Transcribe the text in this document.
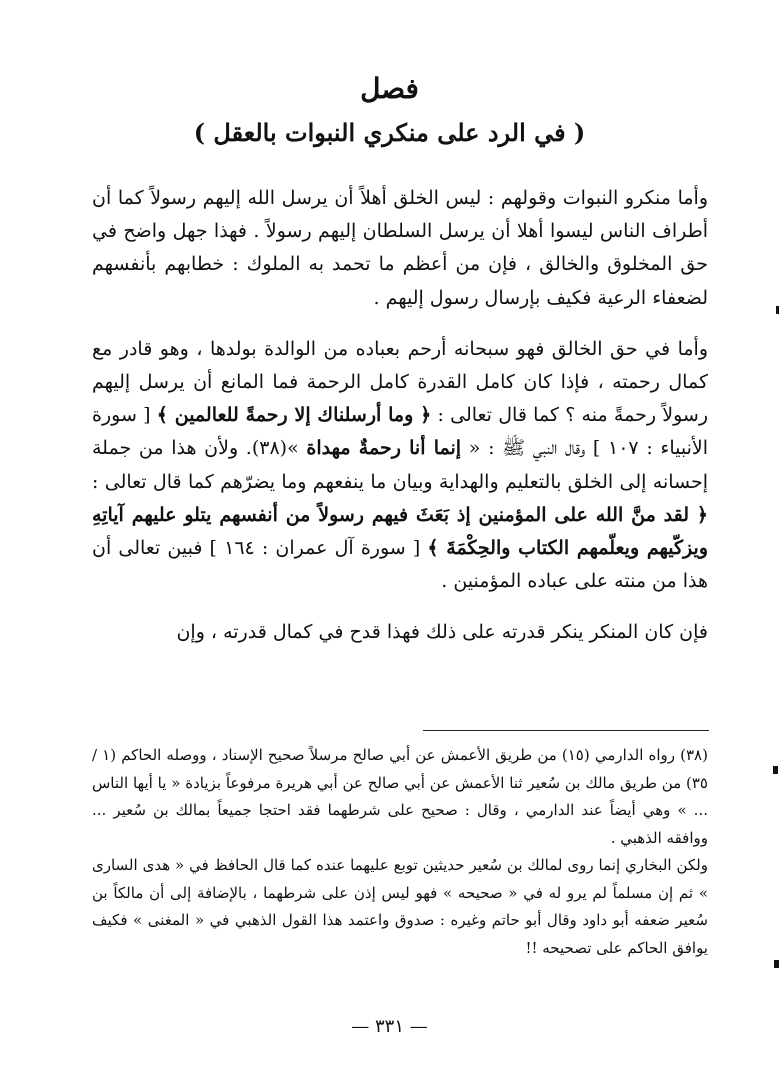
فصل
( في الرد على منكري النبوات بالعقل )

وأما منكرو النبوات وقولهم : ليس الخلق أهلاً أن يرسل الله إليهم رسولاً كما أن أطراف الناس ليسوا أهلا أن يرسل السلطان إليهم رسولاً . فهذا جهل واضح في حق المخلوق والخالق ، فإن من أعظم ما تحمد به الملوك : خطابهم بأنفسهم لضعفاء الرعية فكيف بإرسال رسول إليهم .

وأما في حق الخالق فهو سبحانه أرحم بعباده من الوالدة بولدها ، وهو قادر مع كمال رحمته ، فإذا كان كامل القدرة كامل الرحمة فما المانع أن يرسل إليهم رسولاً رحمةً منه ؟ كما قال تعالى : ﴿ وما أرسلناك إلا رحمةً للعالمين ﴾ [ سورة الأنبياء : ١٠٧ ] وقال النبي ﷺ : « إنما أنا رحمةٌ مهداة »(٣٨). ولأن هذا من جملة إحسانه إلى الخلق بالتعليم والهداية وبيان ما ينفعهم وما يضرّهم كما قال تعالى : ﴿ لقد منَّ الله على المؤمنين إذ بَعَثَ فيهم رسولاً من أنفسهم يتلو عليهم آياتِهِ ويزكّيهم ويعلّمهم الكتاب والحِكْمَةَ ﴾ [ سورة آل عمران : ١٦٤ ] فبين تعالى أن هذا من منته على عباده المؤمنين .

فإن كان المنكر ينكر قدرته على ذلك فهذا قدح في كمال قدرته ، وإن

(٣٨) رواه الدارمي (١٥) من طريق الأعمش عن أبي صالح مرسلاً صحيح الإسناد ، ووصله الحاكم (١ / ٣٥) من طريق مالك بن سُعير ثنا الأعمش عن أبي صالح عن أبي هريرة مرفوعاً بزيادة « يا أيها الناس ... » وهي أيضاً عند الدارمي ، وقال : صحيح على شرطهما فقد احتجا جميعاً بمالك بن سُعير ... ووافقه الذهبي .

ولكن البخاري إنما روى لمالك بن سُعير حديثين توبع عليهما عنده كما قال الحافظ في « هدى السارى » ثم إن مسلماً لم يرو له في « صحيحه » فهو ليس إذن على شرطهما ، بالإضافة إلى أن مالكاً بن سُعير ضعفه أبو داود وقال أبو حاتم وغيره : صدوق واعتمد هذا القول الذهبي في « المغنى » فكيف يوافق الحاكم على تصحيحه !!

— ٣٣١ —
